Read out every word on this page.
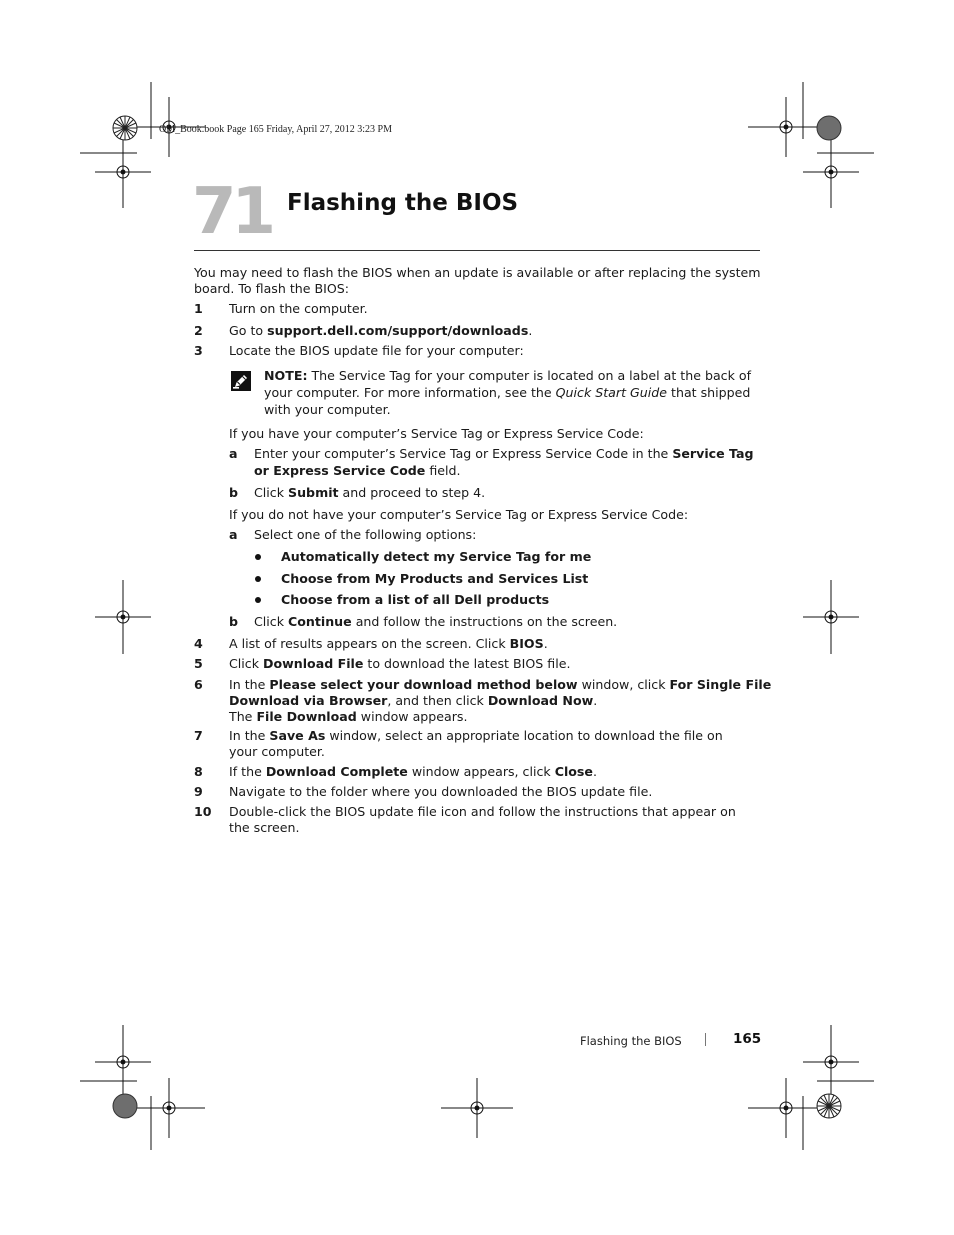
OM_Book.book Page 165 Friday, April 27, 2012 3:23 PM
71 Flashing the BIOS
You may need to flash the BIOS when an update is available or after replacing the system board. To flash the BIOS:
1 Turn on the computer.
2 Go to support.dell.com/support/downloads.
3 Locate the BIOS update file for your computer:
NOTE: The Service Tag for your computer is located on a label at the back of
your computer. For more information, see the Quick Start Guide that shipped
with your computer.
If you have your computer’s Service Tag or Express Service Code:
a Enter your computer’s Service Tag or Express Service Code in the Service Tag
or Express Service Code field.
b Click Submit and proceed to step 4.
If you do not have your computer’s Service Tag or Express Service Code:
a Select one of the following options:
Automatically detect my Service Tag for me
Choose from My Products and Services List
Choose from a list of all Dell products
b Click Continue and follow the instructions on the screen.
4 A list of results appears on the screen. Click BIOS.
5 Click Download File to download the latest BIOS file.
6 In the Please select your download method below window, click For Single File
Download via Browser, and then click Download Now.
The File Download window appears.
7 In the Save As window, select an appropriate location to download the file on
your computer.
8 If the Download Complete window appears, click Close.
9 Navigate to the folder where you downloaded the BIOS update file.
10 Double-click the BIOS update file icon and follow the instructions that appear on
the screen.
Flashing the BIOS	165
